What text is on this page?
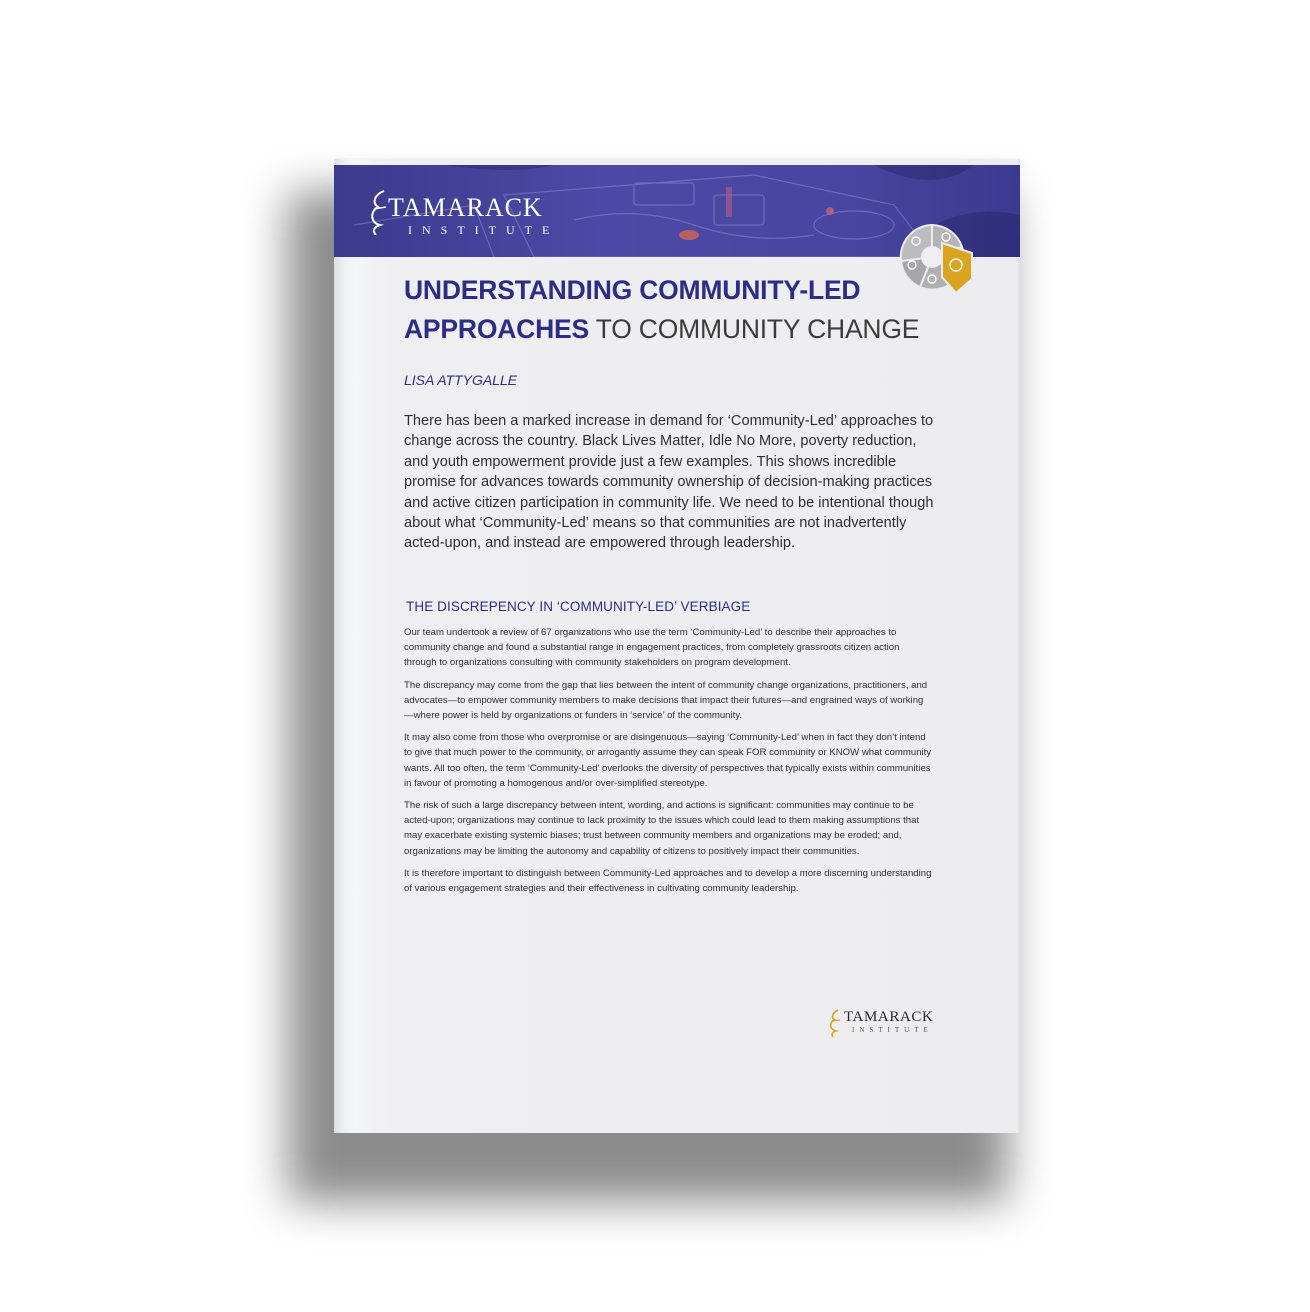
TAMARACK
INSTITUTE
UNDERSTANDING COMMUNITY-LED APPROACHES TO COMMUNITY CHANGE
LISA ATTYGALLE
There has been a marked increase in demand for ‘Community-Led’ approaches to change across the country. Black Lives Matter, Idle No More, poverty reduction, and youth empowerment provide just a few examples. This shows incredible promise for advances towards community ownership of decision-making practices and active citizen participation in community life. We need to be intentional though about what ‘Community-Led’ means so that communities are not inadvertently acted-upon, and instead are empowered through leadership.
THE DISCREPENCY IN ‘COMMUNITY-LED’ VERBIAGE

Our team undertook a review of 67 organizations who use the term ‘Community-Led’ to describe their approaches to community change and found a substantial range in engagement practices, from completely grassroots citizen action through to organizations consulting with community stakeholders on program development.

The discrepancy may come from the gap that lies between the intent of community change organizations, practitioners, and advocates—to empower community members to make decisions that impact their futures—and engrained ways of working—where power is held by organizations or funders in ‘service’ of the community.

It may also come from those who overpromise or are disingenuous—saying ‘Community-Led’ when in fact they don’t intend to give that much power to the community, or arrogantly assume they can speak FOR community or KNOW what community wants. All too often, the term ‘Community-Led’ overlooks the diversity of perspectives that typically exists within communities in favour of promoting a homogenous and/or over-simplified stereotype.

The risk of such a large discrepancy between intent, wording, and actions is significant: communities may continue to be acted-upon; organizations may continue to lack proximity to the issues which could lead to them making assumptions that may exacerbate existing systemic biases; trust between community members and organizations may be eroded; and, organizations may be limiting the autonomy and capability of citizens to positively impact their communities.

It is therefore important to distinguish between Community-Led approaches and to develop a more discerning understanding of various engagement strategies and their effectiveness in cultivating community leadership.

TAMARACK
INSTITUTE
